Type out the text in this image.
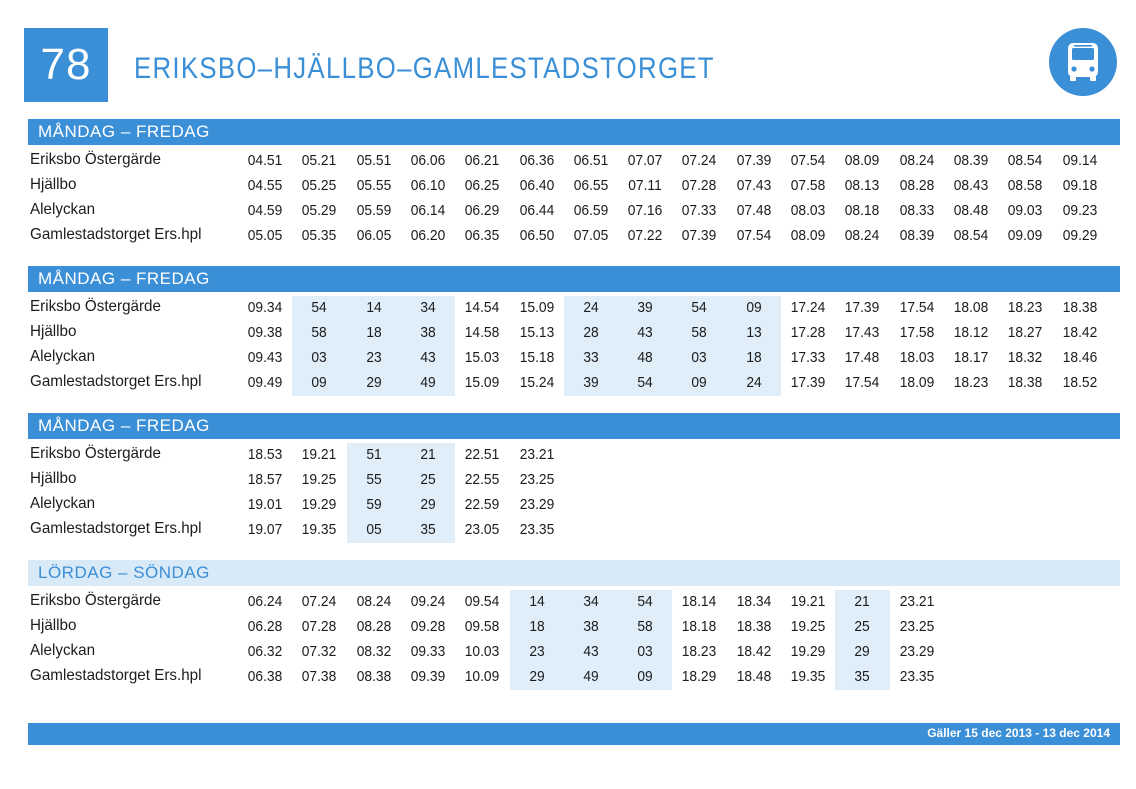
78	ERIKSBO–HJÄLLBO–GAMLESTADSTORGET
MÅNDAG – FREDAG
Eriksbo Östergärde	04.51	05.21	05.51	06.06	06.21	06.36	06.51	07.07	07.24	07.39	07.54	08.09	08.24	08.39	08.54	09.14
Hjällbo	04.55	05.25	05.55	06.10	06.25	06.40	06.55	07.11	07.28	07.43	07.58	08.13	08.28	08.43	08.58	09.18
Alelyckan	04.59	05.29	05.59	06.14	06.29	06.44	06.59	07.16	07.33	07.48	08.03	08.18	08.33	08.48	09.03	09.23
Gamlestadstorget Ers.hpl	05.05	05.35	06.05	06.20	06.35	06.50	07.05	07.22	07.39	07.54	08.09	08.24	08.39	08.54	09.09	09.29
MÅNDAG – FREDAG
Eriksbo Östergärde	09.34	54	14	34	14.54	15.09	24	39	54	09	17.24	17.39	17.54	18.08	18.23	18.38
Hjällbo	09.38	58	18	38	14.58	15.13	28	43	58	13	17.28	17.43	17.58	18.12	18.27	18.42
Alelyckan	09.43	03	23	43	15.03	15.18	33	48	03	18	17.33	17.48	18.03	18.17	18.32	18.46
Gamlestadstorget Ers.hpl	09.49	09	29	49	15.09	15.24	39	54	09	24	17.39	17.54	18.09	18.23	18.38	18.52
MÅNDAG – FREDAG
Eriksbo Östergärde	18.53	19.21	51	21	22.51	23.21
Hjällbo	18.57	19.25	55	25	22.55	23.25
Alelyckan	19.01	19.29	59	29	22.59	23.29
Gamlestadstorget Ers.hpl	19.07	19.35	05	35	23.05	23.35
LÖRDAG – SÖNDAG
Eriksbo Östergärde	06.24	07.24	08.24	09.24	09.54	14	34	54	18.14	18.34	19.21	21	23.21
Hjällbo	06.28	07.28	08.28	09.28	09.58	18	38	58	18.18	18.38	19.25	25	23.25
Alelyckan	06.32	07.32	08.32	09.33	10.03	23	43	03	18.23	18.42	19.29	29	23.29
Gamlestadstorget Ers.hpl	06.38	07.38	08.38	09.39	10.09	29	49	09	18.29	18.48	19.35	35	23.35
Gäller 15 dec 2013 - 13 dec 2014
